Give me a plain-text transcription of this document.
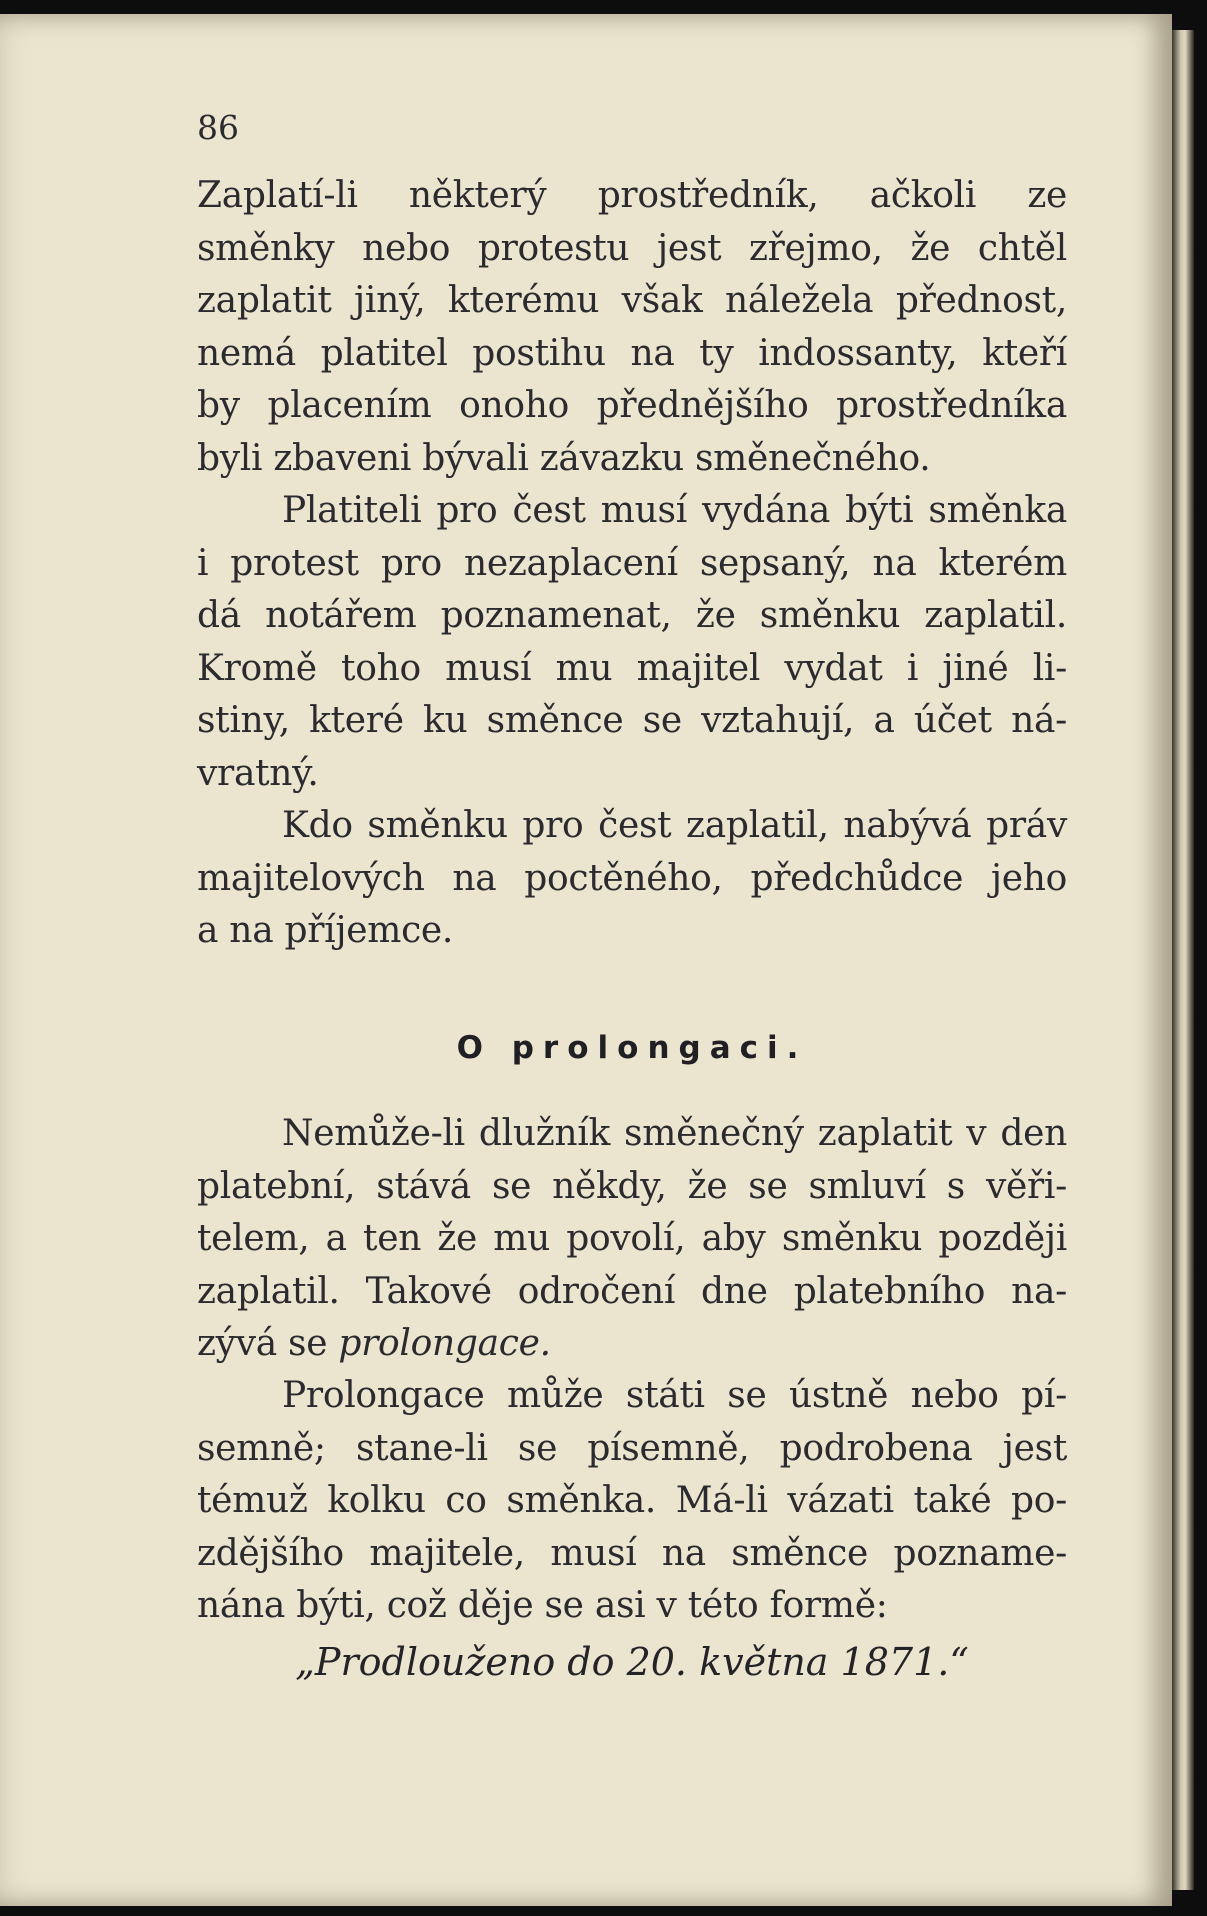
86
Zaplatí-li některý prostředník, ačkoli ze
směnky nebo protestu jest zřejmo, že chtěl
zaplatit jiný, kterému však náležela přednost,
nemá platitel postihu na ty indossanty, kteří
by placením onoho přednějšího prostředníka
byli zbaveni bývali závazku směnečného.
Platiteli pro čest musí vydána býti směnka
i protest pro nezaplacení sepsaný, na kterém
dá notářem poznamenat, že směnku zaplatil.
Kromě toho musí mu majitel vydat i jiné li-
stiny, které ku směnce se vztahují, a účet ná-
vratný.
Kdo směnku pro čest zaplatil, nabývá práv
majitelových na poctěného, předchůdce jeho
a na příjemce.
O prolongaci.
Nemůže-li dlužník směnečný zaplatit v den
platební, stává se někdy, že se smluví s věři-
telem, a ten že mu povolí, aby směnku později
zaplatil. Takové odročení dne platebního na-
zývá se prolongace.
Prolongace může státi se ústně nebo pí-
semně; stane-li se písemně, podrobena jest
témuž kolku co směnka. Má-li vázati také po-
zdějšího majitele, musí na směnce poznamе-
nána býti, což děje se asi v této formě:
„Prodlouženo do 20. května 1871.“
